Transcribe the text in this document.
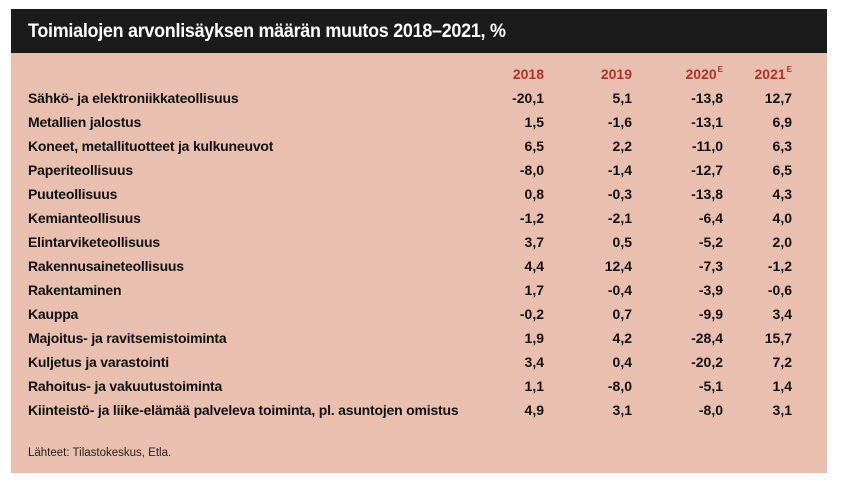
Toimialojen arvonlisäyksen määrän muutos 2018–2021, %
	2018	2019	$2020^E$	$2021^E$
Sähkö- ja elektroniikkateollisuus	-20,1	5,1	-13,8	12,7
Metallien jalostus	1,5	-1,6	-13,1	6,9
Koneet, metallituotteet ja kulkuneuvot	6,5	2,2	-11,0	6,3
Paperiteollisuus	-8,0	-1,4	-12,7	6,5
Puuteollisuus	0,8	-0,3	-13,8	4,3
Kemianteollisuus	-1,2	-2,1	-6,4	4,0
Elintarviketeollisuus	3,7	0,5	-5,2	2,0
Rakennusaineteollisuus	4,4	12,4	-7,3	-1,2
Rakentaminen	1,7	-0,4	-3,9	-0,6
Kauppa	-0,2	0,7	-9,9	3,4
Majoitus- ja ravitsemistoiminta	1,9	4,2	-28,4	15,7
Kuljetus ja varastointi	3,4	0,4	-20,2	7,2
Rahoitus- ja vakuutustoiminta	1,1	-8,0	-5,1	1,4
Kiinteistö- ja liike-elämää palveleva toiminta, pl. asuntojen omistus	4,9	3,1	-8,0	3,1
Lähteet: Tilastokeskus, Etla.
